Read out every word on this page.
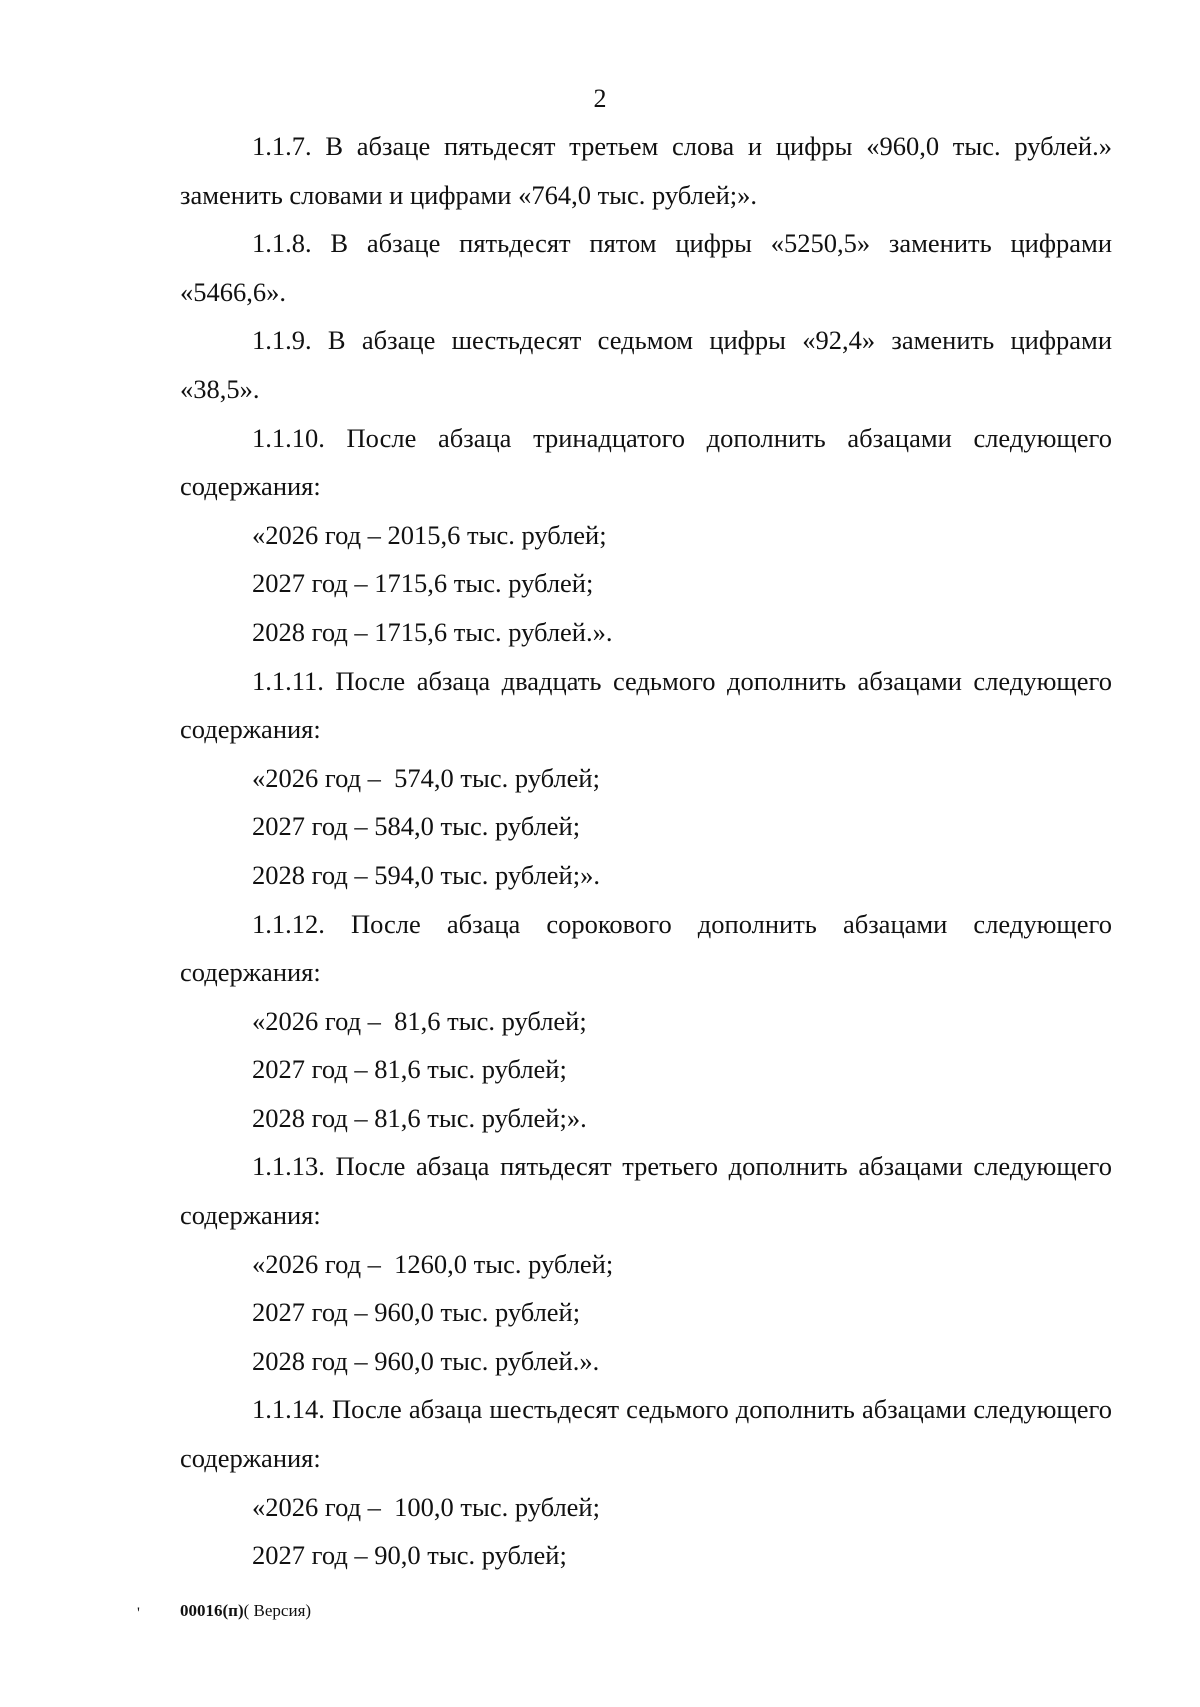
2

1.1.7. В абзаце пятьдесят третьем слова и цифры «960,0 тыс. рублей.» заменить словами и цифрами «764,0 тыс. рублей;».

1.1.8. В абзаце пятьдесят пятом цифры «5250,5» заменить цифрами «5466,6».

1.1.9. В абзаце шестьдесят седьмом цифры «92,4» заменить цифрами «38,5».

1.1.10. После абзаца тринадцатого дополнить абзацами следующего содержания:

«2026 год – 2015,6 тыс. рублей;

2027 год – 1715,6 тыс. рублей;

2028 год – 1715,6 тыс. рублей.».

1.1.11. После абзаца двадцать седьмого дополнить абзацами следующего содержания:

«2026 год –  574,0 тыс. рублей;

2027 год – 584,0 тыс. рублей;

2028 год – 594,0 тыс. рублей;».

1.1.12. После абзаца сорокового дополнить абзацами следующего содержания:

«2026 год –  81,6 тыс. рублей;

2027 год – 81,6 тыс. рублей;

2028 год – 81,6 тыс. рублей;».

1.1.13. После абзаца пятьдесят третьего дополнить абзацами следующего содержания:

«2026 год –  1260,0 тыс. рублей;

2027 год – 960,0 тыс. рублей;

2028 год – 960,0 тыс. рублей.».

1.1.14. После абзаца шестьдесят седьмого дополнить абзацами следующего содержания:

«2026 год –  100,0 тыс. рублей;

2027 год – 90,0 тыс. рублей;

' 00016(п)( Версия)
